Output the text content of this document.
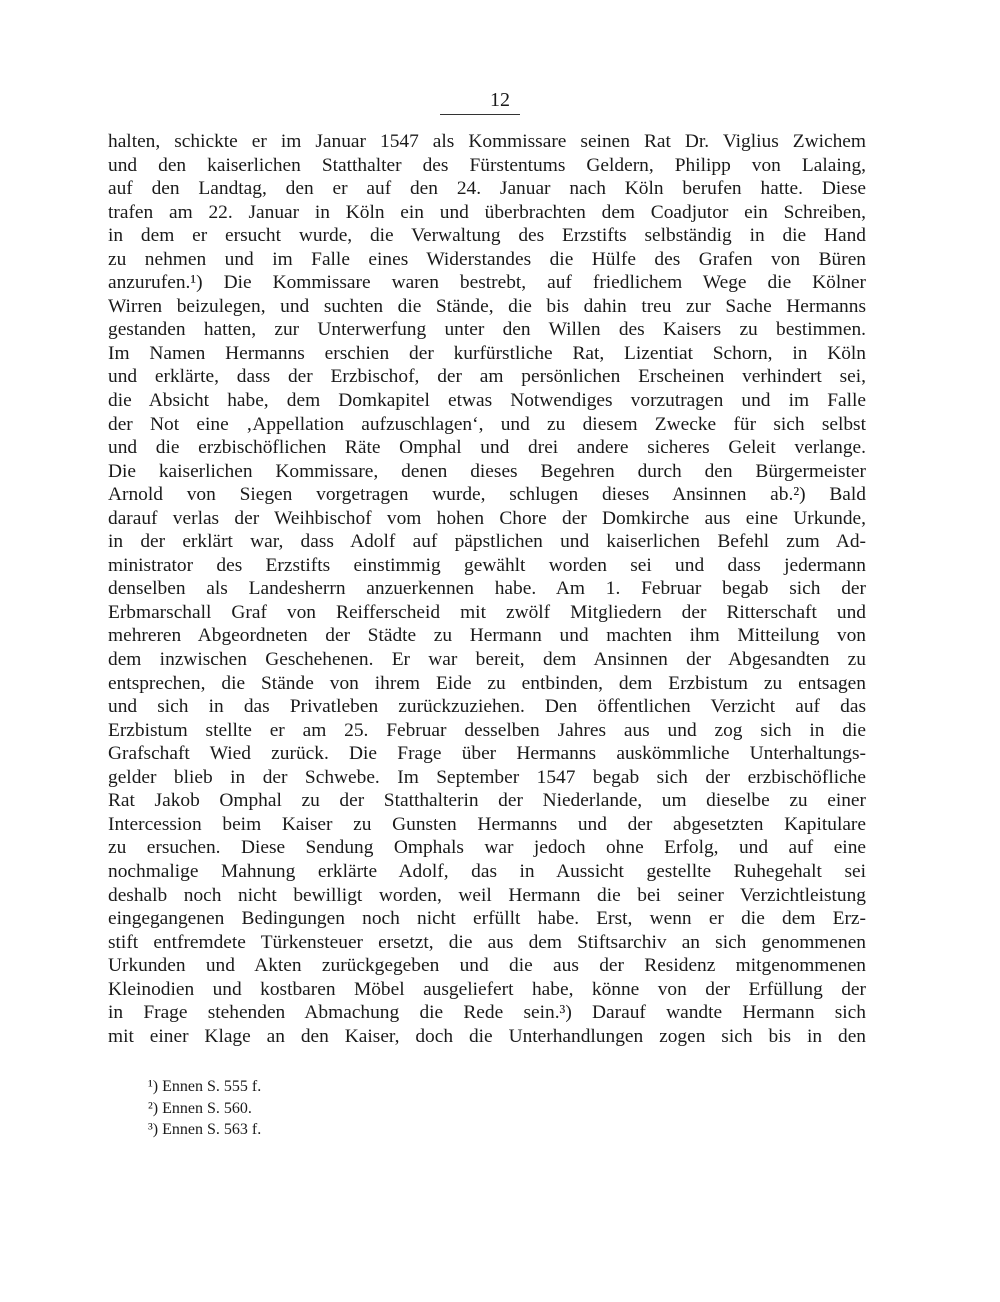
12
halten, schickte er im Januar 1547 als Kommissare seinen Rat Dr. Viglius Zwichem
und den kaiserlichen Statthalter des Fürstentums Geldern, Philipp von Lalaing,
auf den Landtag, den er auf den 24. Januar nach Köln berufen hatte. Diese
trafen am 22. Januar in Köln ein und überbrachten dem Coadjutor ein Schreiben,
in dem er ersucht wurde, die Verwaltung des Erzstifts selbständig in die Hand
zu nehmen und im Falle eines Widerstandes die Hülfe des Grafen von Büren
anzurufen.¹) Die Kommissare waren bestrebt, auf friedlichem Wege die Kölner
Wirren beizulegen, und suchten die Stände, die bis dahin treu zur Sache Hermanns
gestanden hatten, zur Unterwerfung unter den Willen des Kaisers zu bestimmen.
Im Namen Hermanns erschien der kurfürstliche Rat, Lizentiat Schorn, in Köln
und erklärte, dass der Erzbischof, der am persönlichen Erscheinen verhindert sei,
die Absicht habe, dem Domkapitel etwas Notwendiges vorzutragen und im Falle
der Not eine ‚Appellation aufzuschlagen‘, und zu diesem Zwecke für sich selbst
und die erzbischöflichen Räte Omphal und drei andere sicheres Geleit verlange.
Die kaiserlichen Kommissare, denen dieses Begehren durch den Bürgermeister
Arnold von Siegen vorgetragen wurde, schlugen dieses Ansinnen ab.²) Bald
darauf verlas der Weihbischof vom hohen Chore der Domkirche aus eine Urkunde,
in der erklärt war, dass Adolf auf päpstlichen und kaiserlichen Befehl zum Ad-
ministrator des Erzstifts einstimmig gewählt worden sei und dass jedermann
denselben als Landesherrn anzuerkennen habe. Am 1. Februar begab sich der
Erbmarschall Graf von Reifferscheid mit zwölf Mitgliedern der Ritterschaft und
mehreren Abgeordneten der Städte zu Hermann und machten ihm Mitteilung von
dem inzwischen Geschehenen. Er war bereit, dem Ansinnen der Abgesandten zu
entsprechen, die Stände von ihrem Eide zu entbinden, dem Erzbistum zu entsagen
und sich in das Privatleben zurückzuziehen. Den öffentlichen Verzicht auf das
Erzbistum stellte er am 25. Februar desselben Jahres aus und zog sich in die
Grafschaft Wied zurück. Die Frage über Hermanns auskömmliche Unterhaltungs-
gelder blieb in der Schwebe. Im September 1547 begab sich der erzbischöfliche
Rat Jakob Omphal zu der Statthalterin der Niederlande, um dieselbe zu einer
Intercession beim Kaiser zu Gunsten Hermanns und der abgesetzten Kapitulare
zu ersuchen. Diese Sendung Omphals war jedoch ohne Erfolg, und auf eine
nochmalige Mahnung erklärte Adolf, das in Aussicht gestellte Ruhegehalt sei
deshalb noch nicht bewilligt worden, weil Hermann die bei seiner Verzichtleistung
eingegangenen Bedingungen noch nicht erfüllt habe. Erst, wenn er die dem Erz-
stift entfremdete Türkensteuer ersetzt, die aus dem Stiftsarchiv an sich genommenen
Urkunden und Akten zurückgegeben und die aus der Residenz mitgenommenen
Kleinodien und kostbaren Möbel ausgeliefert habe, könne von der Erfüllung der
in Frage stehenden Abmachung die Rede sein.³) Darauf wandte Hermann sich
mit einer Klage an den Kaiser, doch die Unterhandlungen zogen sich bis in den
¹) Ennen S. 555 f.
²) Ennen S. 560.
³) Ennen S. 563 f.
